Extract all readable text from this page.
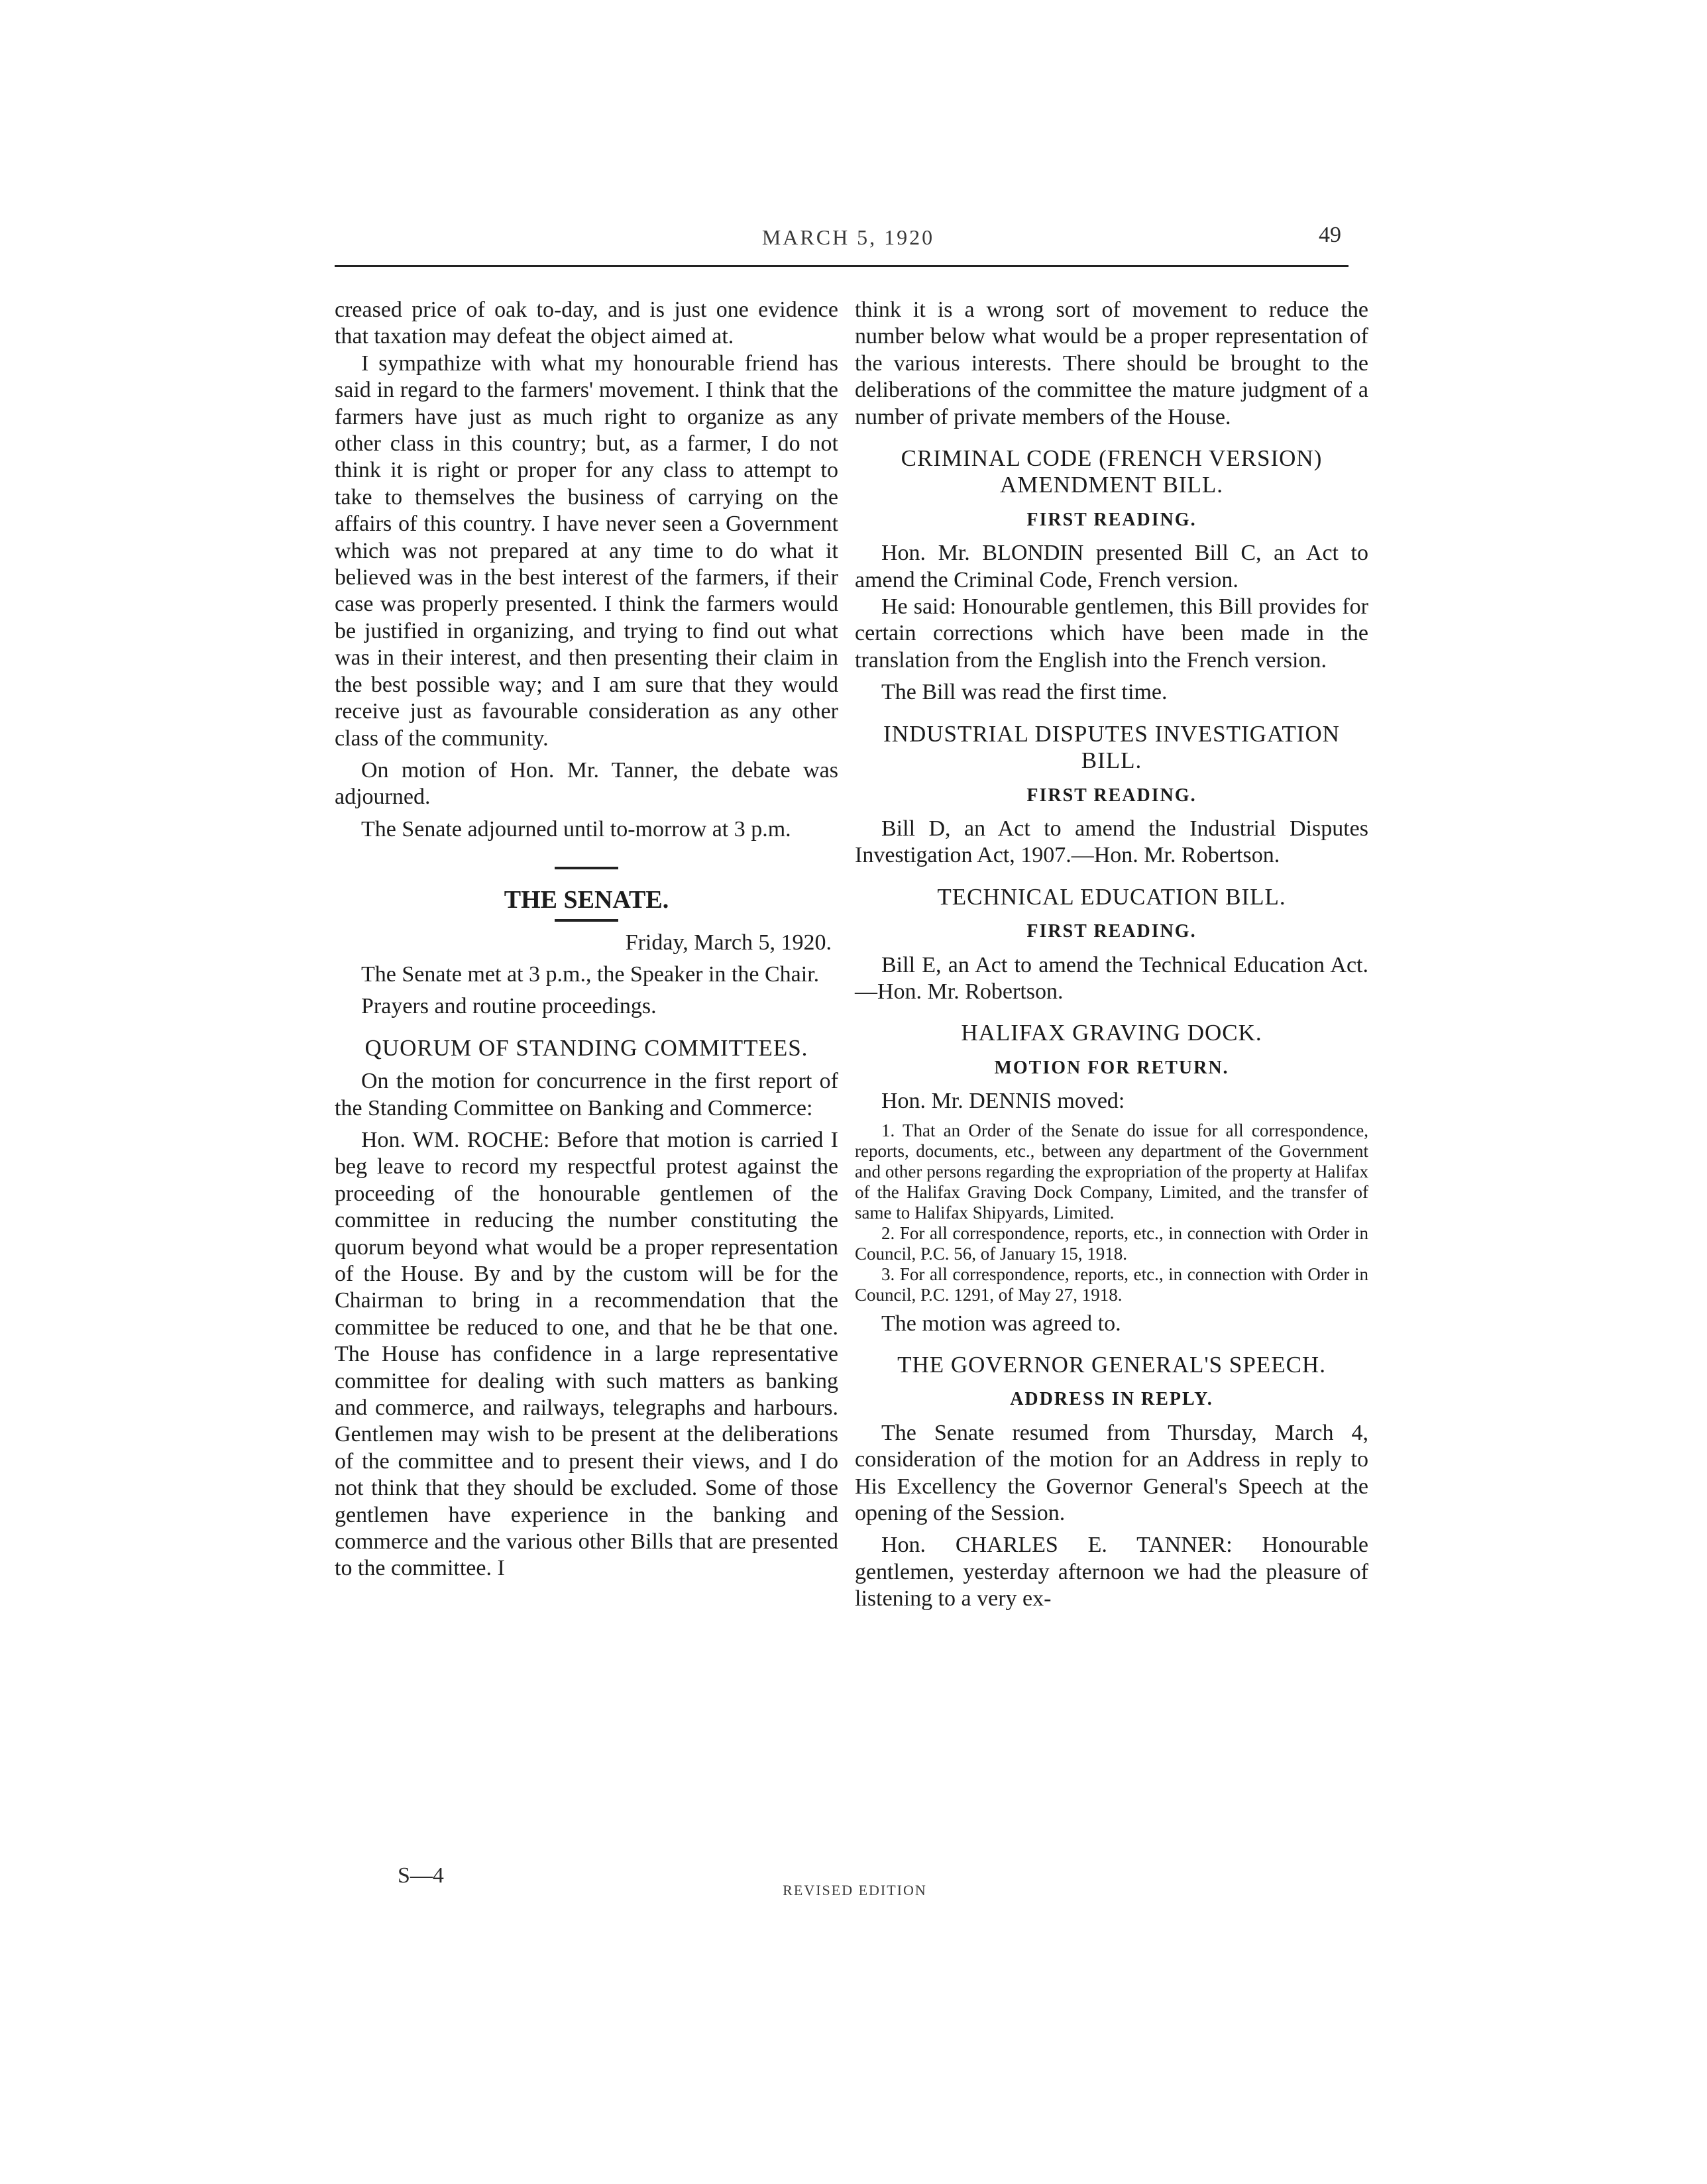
MARCH 5, 1920	49

creased price of oak to-day, and is just one evidence that taxation may defeat the object aimed at.

I sympathize with what my honourable friend has said in regard to the farmers' movement. I think that the farmers have just as much right to organize as any other class in this country; but, as a farmer, I do not think it is right or proper for any class to attempt to take to themselves the business of carrying on the affairs of this country. I have never seen a Government which was not prepared at any time to do what it believed was in the best interest of the farmers, if their case was properly presented. I think the farmers would be justified in organizing, and trying to find out what was in their interest, and then presenting their claim in the best possible way; and I am sure that they would receive just as favourable consideration as any other class of the community.

On motion of Hon. Mr. Tanner, the debate was adjourned.

The Senate adjourned until to-morrow at 3 p.m.

THE SENATE.

Friday, March 5, 1920.

The Senate met at 3 p.m., the Speaker in the Chair.

Prayers and routine proceedings.

QUORUM OF STANDING COMMITTEES.

On the motion for concurrence in the first report of the Standing Committee on Banking and Commerce:

Hon. WM. ROCHE: Before that motion is carried I beg leave to record my respectful protest against the proceeding of the honourable gentlemen of the committee in reducing the number constituting the quorum beyond what would be a proper representation of the House. By and by the custom will be for the Chairman to bring in a recommendation that the committee be reduced to one, and that he be that one. The House has confidence in a large representative committee for dealing with such matters as banking and commerce, and railways, telegraphs and harbours. Gentlemen may wish to be present at the deliberations of the committee and to present their views, and I do not think that they should be excluded. Some of those gentlemen have experience in the banking and commerce and the various other Bills that are presented to the committee. I

think it is a wrong sort of movement to reduce the number below what would be a proper representation of the various interests. There should be brought to the deliberations of the committee the mature judgment of a number of private members of the House.

CRIMINAL CODE (FRENCH VERSION) AMENDMENT BILL.
FIRST READING.

Hon. Mr. BLONDIN presented Bill C, an Act to amend the Criminal Code, French version.

He said: Honourable gentlemen, this Bill provides for certain corrections which have been made in the translation from the English into the French version.

The Bill was read the first time.

INDUSTRIAL DISPUTES INVESTIGATION BILL.
FIRST READING.

Bill D, an Act to amend the Industrial Disputes Investigation Act, 1907.—Hon. Mr. Robertson.

TECHNICAL EDUCATION BILL.
FIRST READING.

Bill E, an Act to amend the Technical Education Act.—Hon. Mr. Robertson.

HALIFAX GRAVING DOCK.
MOTION FOR RETURN.

Hon. Mr. DENNIS moved:

1. That an Order of the Senate do issue for all correspondence, reports, documents, etc., between any department of the Government and other persons regarding the expropriation of the property at Halifax of the Halifax Graving Dock Company, Limited, and the transfer of same to Halifax Shipyards, Limited.

2. For all correspondence, reports, etc., in connection with Order in Council, P.C. 56, of January 15, 1918.

3. For all correspondence, reports, etc., in connection with Order in Council, P.C. 1291, of May 27, 1918.

The motion was agreed to.

THE GOVERNOR GENERAL'S SPEECH.
ADDRESS IN REPLY.

The Senate resumed from Thursday, March 4, consideration of the motion for an Address in reply to His Excellency the Governor General's Speech at the opening of the Session.

Hon. CHARLES E. TANNER: Honourable gentlemen, yesterday afternoon we had the pleasure of listening to a very ex-

S—4
REVISED EDITION
